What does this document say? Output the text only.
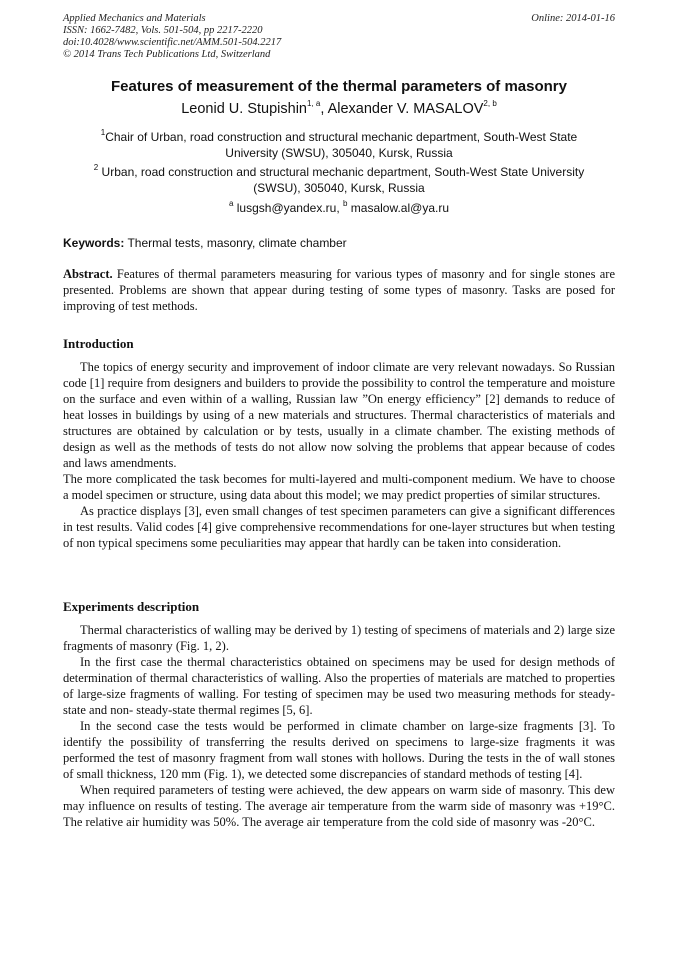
Applied Mechanics and Materials
ISSN: 1662-7482, Vols. 501-504, pp 2217-2220
doi:10.4028/www.scientific.net/AMM.501-504.2217
© 2014 Trans Tech Publications Ltd, Switzerland
Online: 2014-01-16
Features of measurement of the thermal parameters of masonry
Leonid U. Stupishin$^{1, a}$, Alexander V. MASALOV$^{2, b}$
$^1$Chair of Urban, road construction and structural mechanic department, South-West State University (SWSU), 305040, Kursk, Russia
$^2$ Urban, road construction and structural mechanic department, South-West State University (SWSU), 305040, Kursk, Russia
$^a$ lusgsh@yandex.ru, $^b$ masalow.al@ya.ru
Keywords: Thermal tests, masonry, climate chamber
Abstract. Features of thermal parameters measuring for various types of masonry and for single stones are presented. Problems are shown that appear during testing of some types of masonry. Tasks are posed for improving of test methods.
Introduction

The topics of energy security and improvement of indoor climate are very relevant nowadays. So Russian code [1] require from designers and builders to provide the possibility to control the temperature and moisture on the surface and even within of a walling, Russian law ”On energy efficiency” [2] demands to reduce of heat losses in buildings by using of a new materials and structures. Thermal characteristics of materials and structures are obtained by calculation or by tests, usually in a climate chamber. The existing methods of design as well as the methods of tests do not allow now solving the problems that appear because of codes and laws amendments.

The more complicated the task becomes for multi-layered and multi-component medium. We have to choose a model specimen or structure, using data about this model; we may predict properties of similar structures.

As practice displays [3], even small changes of test specimen parameters can give a significant differences in test results. Valid codes [4] give comprehensive recommendations for one-layer structures but when testing of non typical specimens some peculiarities may appear that hardly can be taken into consideration.

Experiments description

Thermal characteristics of walling may be derived by 1) testing of specimens of materials and 2) large size fragments of masonry (Fig. 1, 2).

In the first case the thermal characteristics obtained on specimens may be used for design methods of determination of thermal characteristics of walling. Also the properties of materials are matched to properties of large-size fragments of walling. For testing of specimen may be used two measuring methods for steady-state and non- steady-state thermal regimes [5, 6].

In the second case the tests would be performed in climate chamber on large-size fragments [3]. To identify the possibility of transferring the results derived on specimens to large-size fragments it was performed the test of masonry fragment from wall stones with hollows. During the tests in the of wall stones of small thickness, 120 mm (Fig. 1), we detected some discrepancies of standard methods of testing [4].

When required parameters of testing were achieved, the dew appears on warm side of masonry. This dew may influence on results of testing. The average air temperature from the warm side of masonry was +19°C. The relative air humidity was 50%. The average air temperature from the cold side of masonry was -20°C.
